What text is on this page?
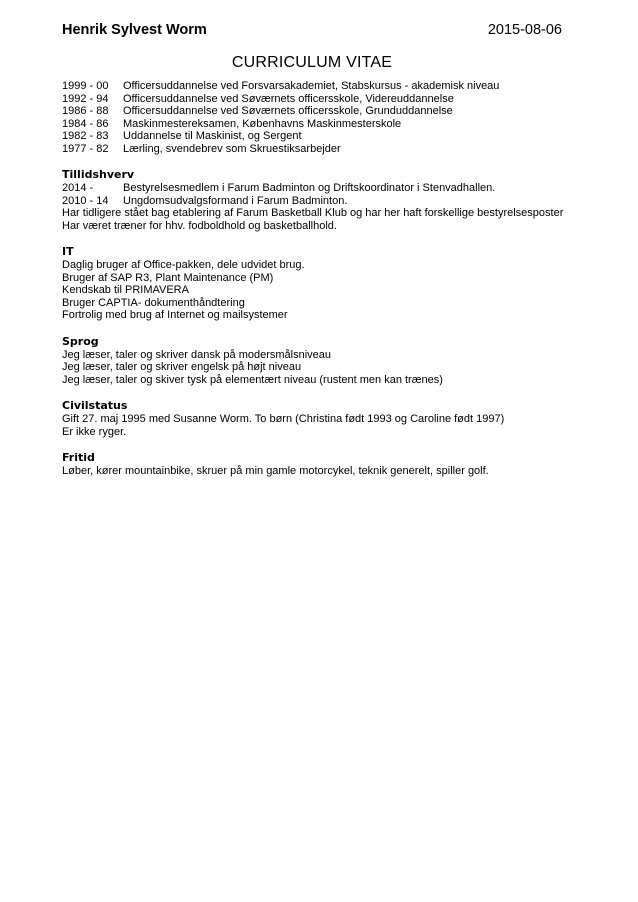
Henrik Sylvest Worm	2015-08-06
CURRICULUM VITAE
1999 - 00	Officersuddannelse ved Forsvarsakademiet, Stabskursus - akademisk niveau
1992 - 94	Officersuddannelse ved Søværnets officersskole, Videreuddannelse
1986 - 88	Officersuddannelse ved Søværnets officersskole, Grunduddannelse
1984 - 86	Maskinmestereksamen, Københavns Maskinmesterskole
1982 - 83	Uddannelse til Maskinist, og Sergent
1977 - 82	Lærling, svendebrev som Skruestiksarbejder
Tillidshverv
2014 -	Bestyrelsesmedlem i Farum Badminton og Driftskoordinator i Stenvadhallen.
2010 - 14	Ungdomsudvalgsformand i Farum Badminton.
Har tidligere stået bag etablering af Farum Basketball Klub og har her haft forskellige bestyrelsesposter
Har været træner for hhv. fodboldhold og basketballhold.
IT
Daglig bruger af Office-pakken, dele udvidet brug.
Bruger af SAP R3, Plant Maintenance (PM)
Kendskab til PRIMAVERA
Bruger CAPTIA- dokumenthåndtering
Fortrolig med brug af Internet og mailsystemer
Sprog
Jeg læser, taler og skriver dansk på modersmålsniveau
Jeg læser, taler og skriver engelsk på højt niveau
Jeg læser, taler og skiver tysk på elementært niveau (rustent men kan trænes)
Civilstatus
Gift 27. maj 1995 med Susanne Worm. To børn (Christina født 1993 og Caroline født 1997)
Er ikke ryger.
Fritid
Løber, kører mountainbike, skruer på min gamle motorcykel, teknik generelt, spiller golf.
